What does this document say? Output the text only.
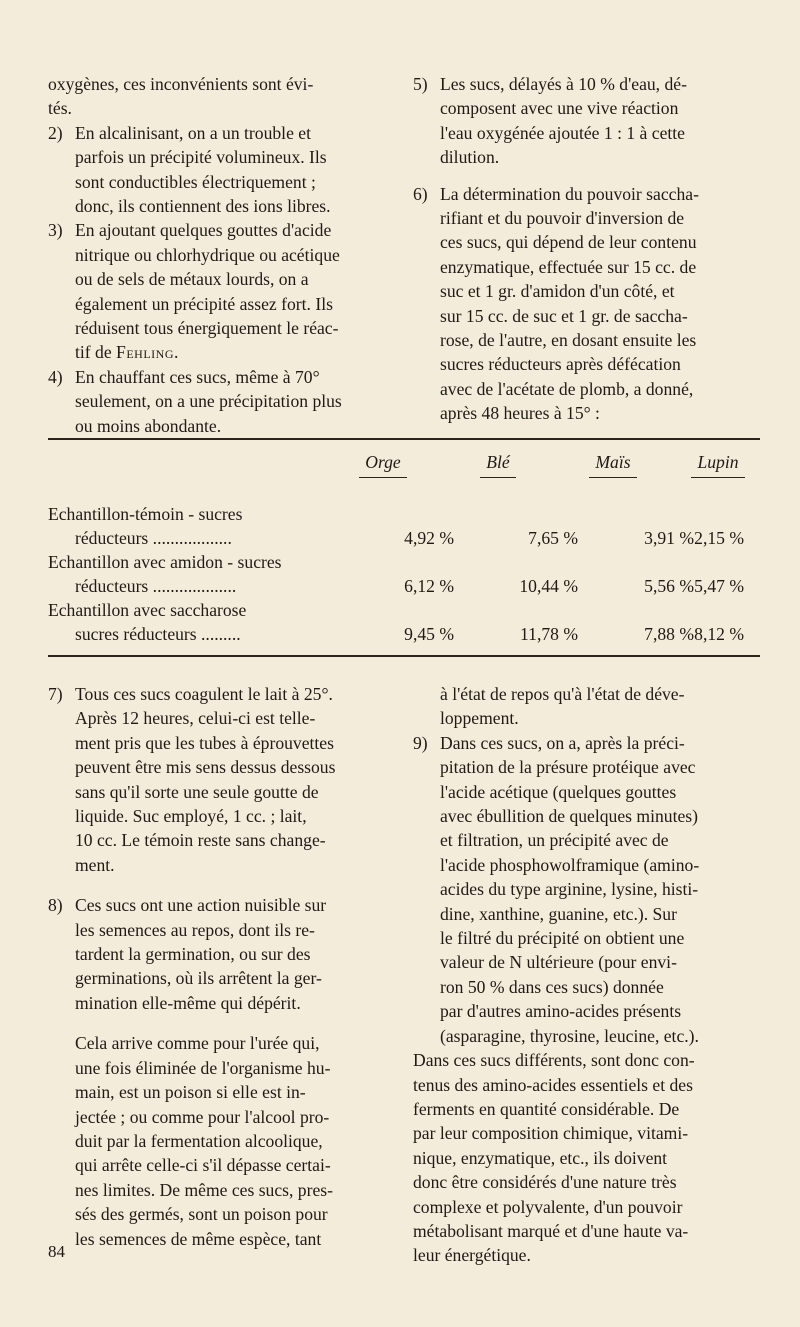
oxygènes, ces inconvénients sont évi-
tés.
2) En alcalinisant, on a un trouble et
parfois un précipité volumineux. Ils
sont conductibles électriquement ;
donc, ils contiennent des ions libres.
3) En ajoutant quelques gouttes d'acide
nitrique ou chlorhydrique ou acétique
ou de sels de métaux lourds, on a
également un précipité assez fort. Ils
réduisent tous énergiquement le réac-
tif de Fehling.
4) En chauffant ces sucs, même à 70°
seulement, on a une précipitation plus
ou moins abondante.
5) Les sucs, délayés à 10 % d'eau, dé-
composent avec une vive réaction
l'eau oxygénée ajoutée 1 : 1 à cette
dilution.
6) La détermination du pouvoir saccha-
rifiant et du pouvoir d'inversion de
ces sucs, qui dépend de leur contenu
enzymatique, effectuée sur 15 cc. de
suc et 1 gr. d'amidon d'un côté, et
sur 15 cc. de suc et 1 gr. de saccha-
rose, de l'autre, en dosant ensuite les
sucres réducteurs après défécation
avec de l'acétate de plomb, a donné,
après 48 heures à 15° :
Orge	Blé	Maïs	Lupin
Echantillon-témoin - sucres
réducteurs ..................	4,92 %	7,65 %	3,91 % 2,15 %
Echantillon avec amidon - sucres
réducteurs ...................	6,12 %	10,44 %	5,56 % 5,47 %
Echantillon avec saccharose
sucres réducteurs .........	9,45 %	11,78 %	7,88 % 8,12 %
7) Tous ces sucs coagulent le lait à 25°.
Après 12 heures, celui-ci est telle-
ment pris que les tubes à éprouvettes
peuvent être mis sens dessus dessous
sans qu'il sorte une seule goutte de
liquide. Suc employé, 1 cc. ; lait,
10 cc. Le témoin reste sans change-
ment.
8) Ces sucs ont une action nuisible sur
les semences au repos, dont ils re-
tardent la germination, ou sur des
germinations, où ils arrêtent la ger-
mination elle-même qui dépérit.
Cela arrive comme pour l'urée qui,
une fois éliminée de l'organisme hu-
main, est un poison si elle est in-
jectée ; ou comme pour l'alcool pro-
duit par la fermentation alcoolique,
qui arrête celle-ci s'il dépasse certai-
nes limites. De même ces sucs, pres-
sés des germés, sont un poison pour
les semences de même espèce, tant
à l'état de repos qu'à l'état de déve-
loppement.
9) Dans ces sucs, on a, après la préci-
pitation de la présure protéique avec
l'acide acétique (quelques gouttes
avec ébullition de quelques minutes)
et filtration, un précipité avec de
l'acide phosphowolframique (amino-
acides du type arginine, lysine, histi-
dine, xanthine, guanine, etc.). Sur
le filtré du précipité on obtient une
valeur de N ultérieure (pour envi-
ron 50 % dans ces sucs) donnée
par d'autres amino-acides présents
(asparagine, thyrosine, leucine, etc.).
Dans ces sucs différents, sont donc con-
tenus des amino-acides essentiels et des
ferments en quantité considérable. De
par leur composition chimique, vitami-
nique, enzymatique, etc., ils doivent
donc être considérés d'une nature très
complexe et polyvalente, d'un pouvoir
métabolisant marqué et d'une haute va-
leur énergétique.
84
